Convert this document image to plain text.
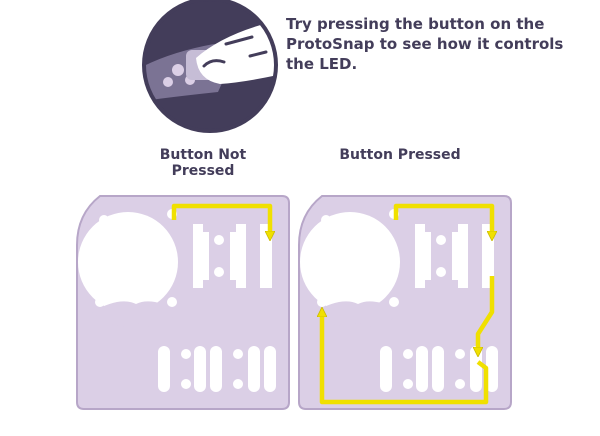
Try pressing the button on the ProtoSnap to see how it controls the LED.

Button Not Pressed
Button Pressed
